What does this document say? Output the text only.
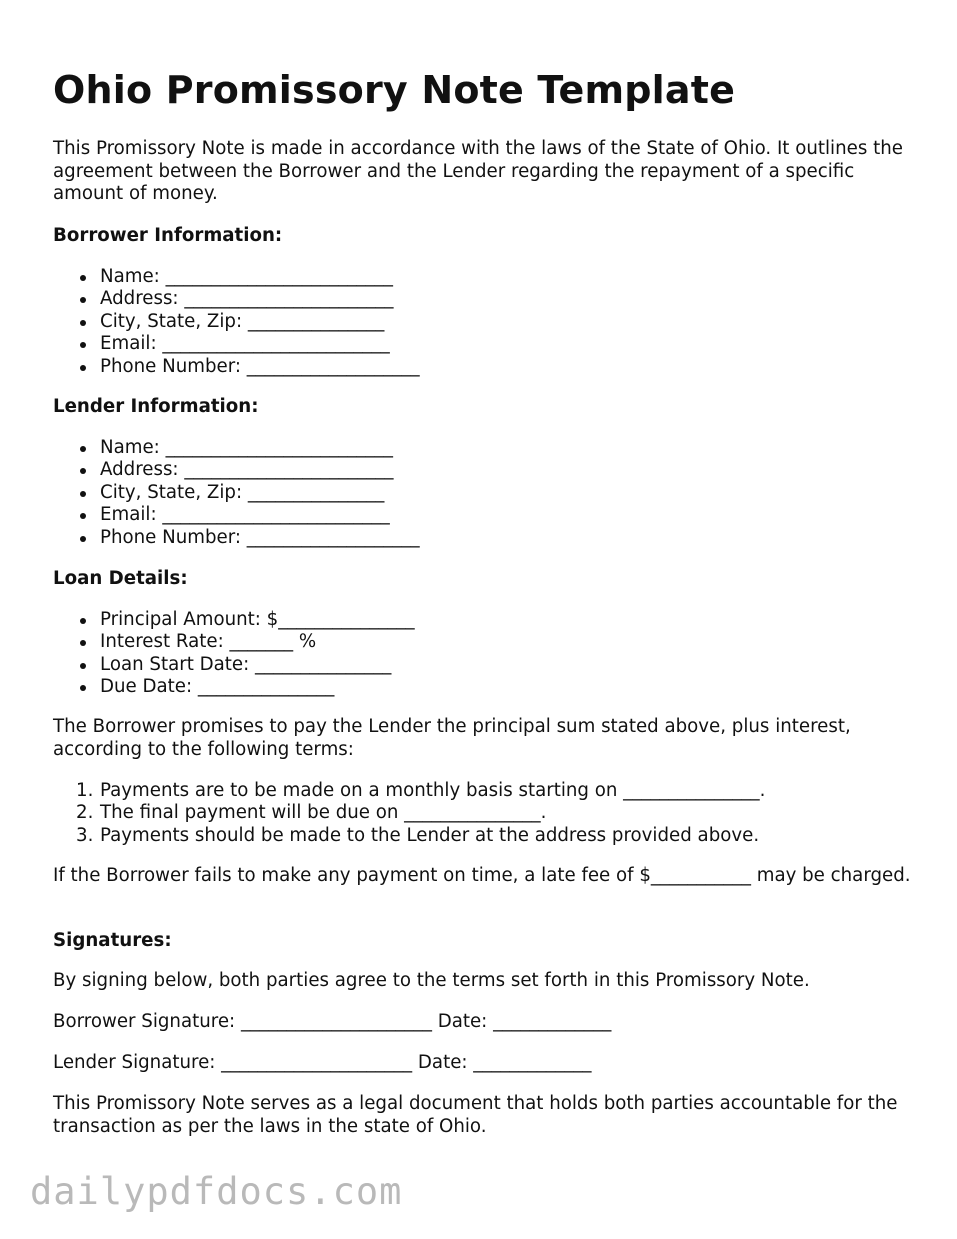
Ohio Promissory Note Template

This Promissory Note is made in accordance with the laws of the State of Ohio. It outlines the agreement between the Borrower and the Lender regarding the repayment of a specific amount of money.

Borrower Information:
Name: _________________________
Address: _______________________
City, State, Zip: _______________
Email: _________________________
Phone Number: ___________________
Lender Information:
Name: _________________________
Address: _______________________
City, State, Zip: _______________
Email: _________________________
Phone Number: ___________________
Loan Details:
Principal Amount: $_______________
Interest Rate: _______ %
Loan Start Date: _______________
Due Date: _______________

The Borrower promises to pay the Lender the principal sum stated above, plus interest, according to the following terms:

1. Payments are to be made on a monthly basis starting on _______________.
2. The final payment will be due on _______________.
3. Payments should be made to the Lender at the address provided above.

If the Borrower fails to make any payment on time, a late fee of $___________ may be charged.

Signatures:

By signing below, both parties agree to the terms set forth in this Promissory Note.

Borrower Signature: _____________________ Date: _____________

Lender Signature: _____________________ Date: _____________

This Promissory Note serves as a legal document that holds both parties accountable for the transaction as per the laws in the state of Ohio.

dailypdfdocs.com
